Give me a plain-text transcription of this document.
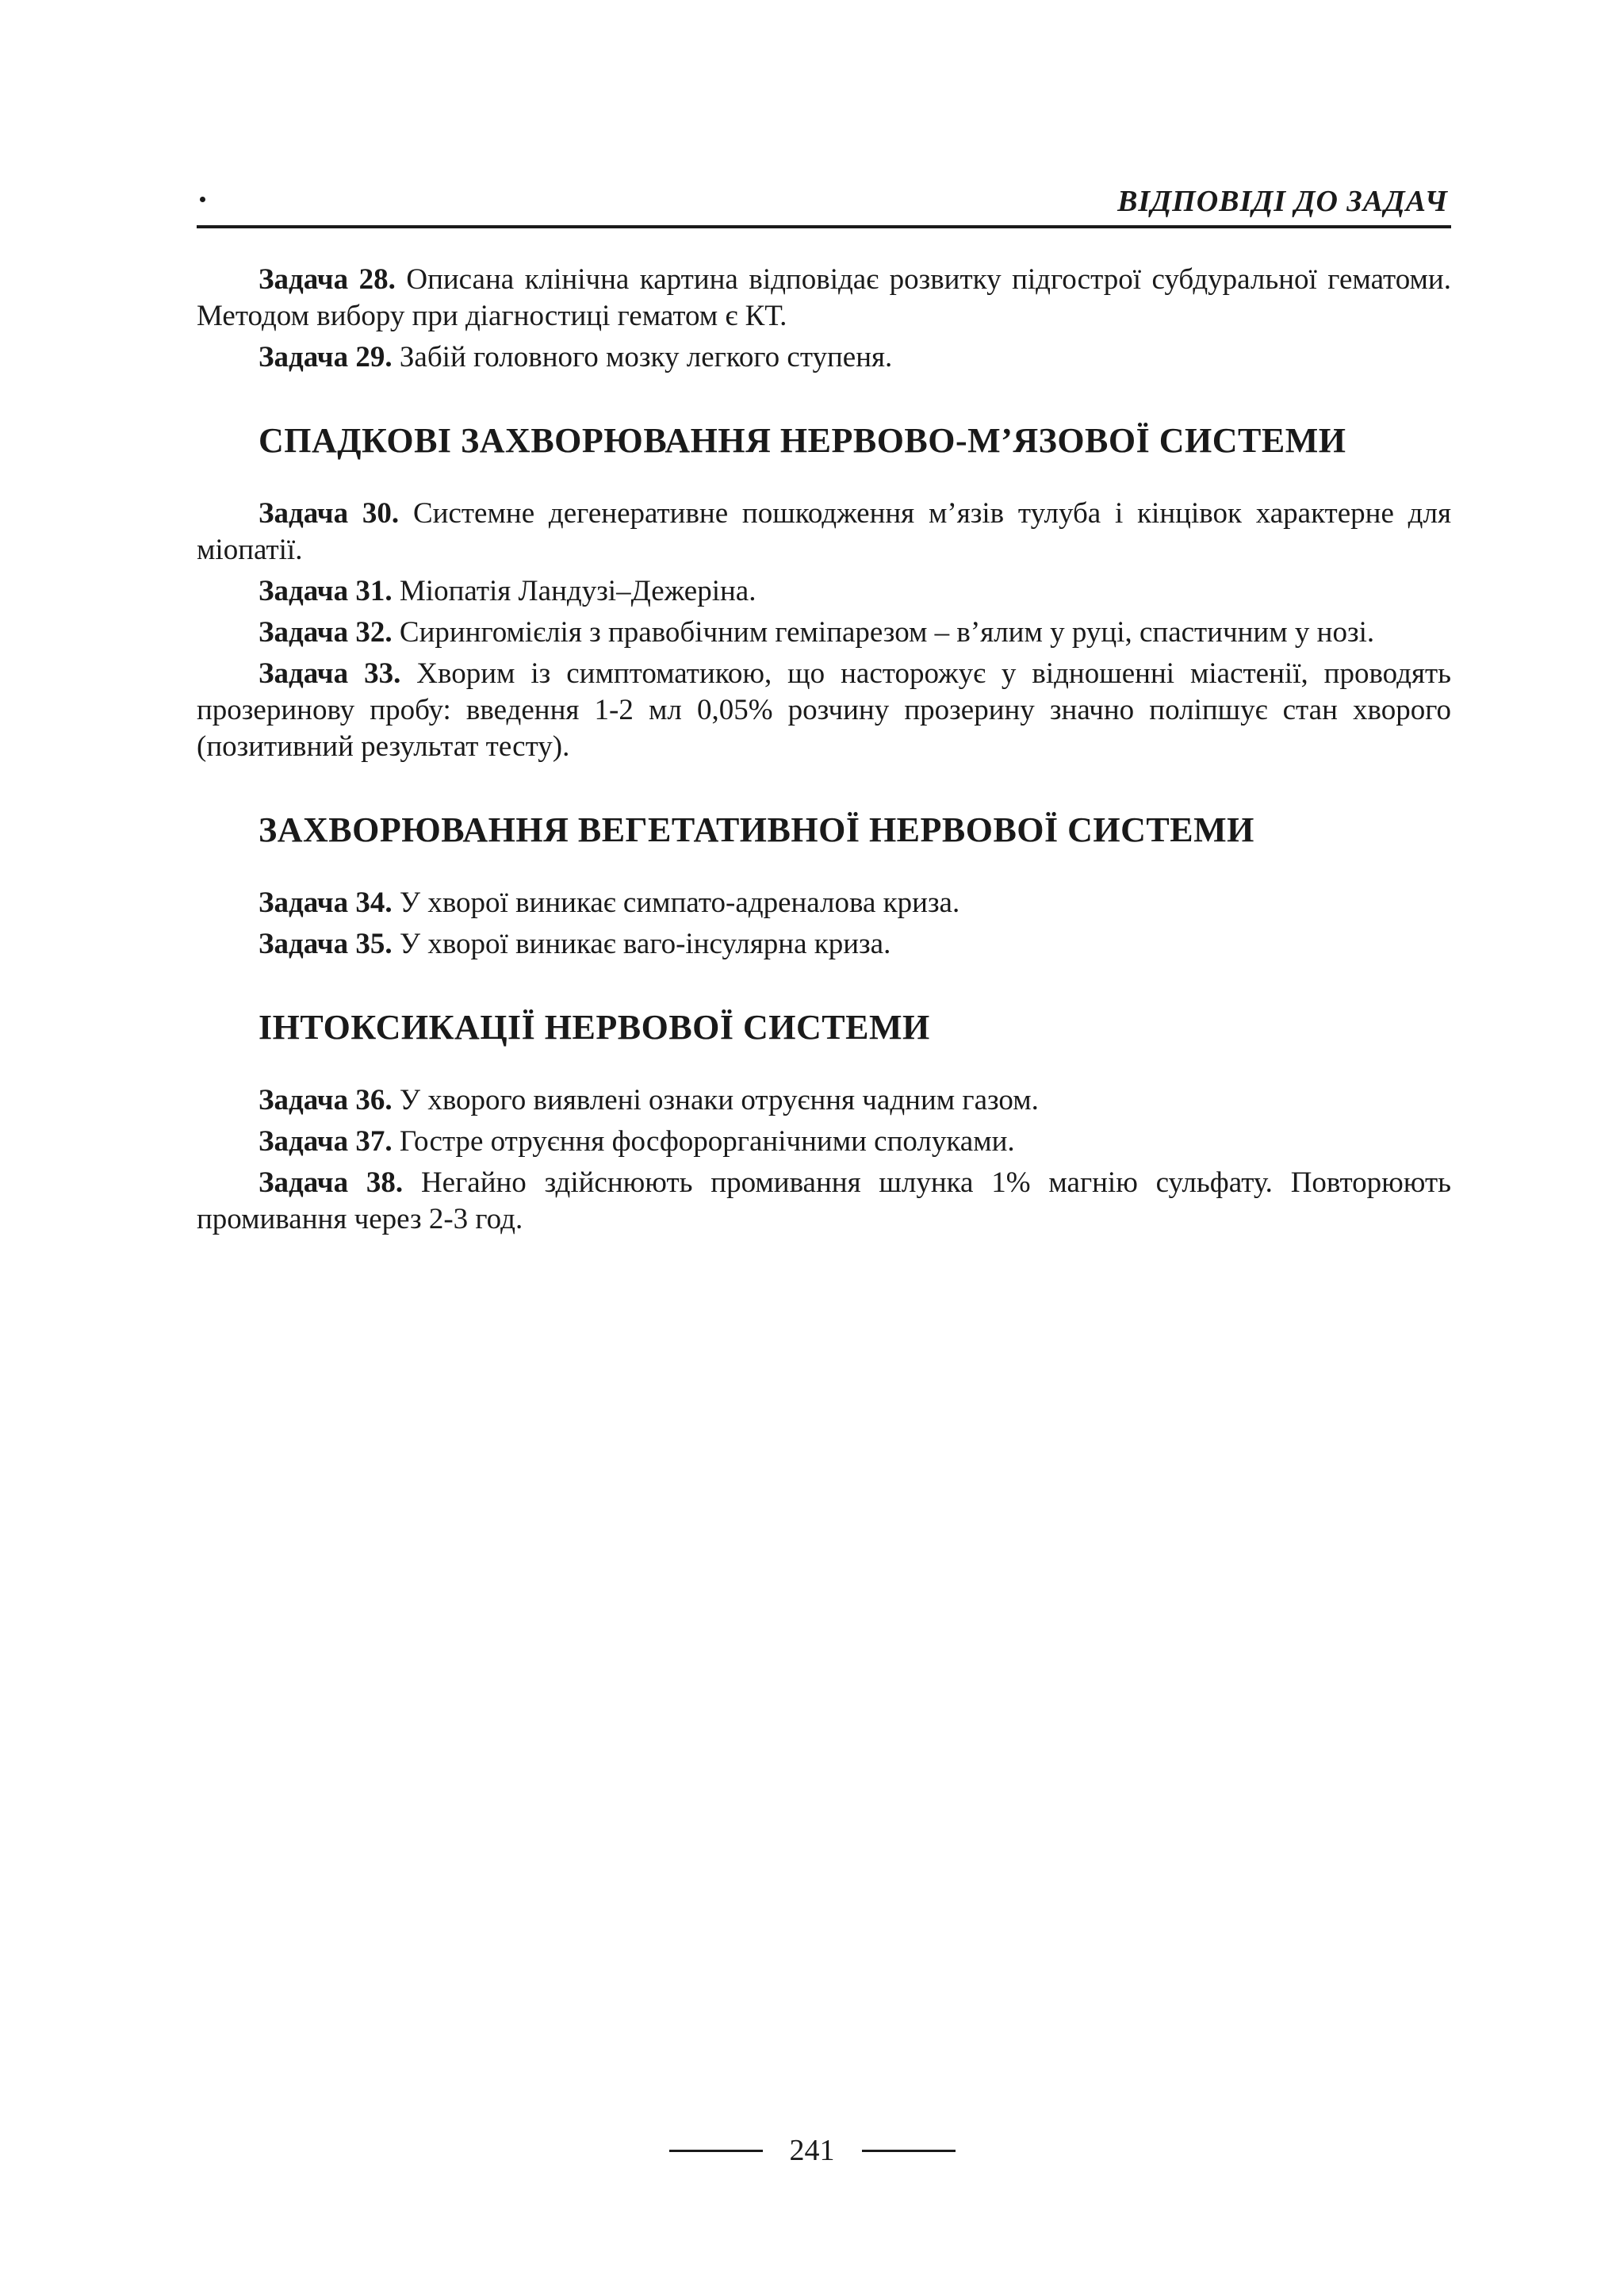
ВІДПОВІДІ ДО ЗАДАЧ

Задача 28. Описана клінічна картина відповідає розвитку підгострої субдуральної гематоми. Методом вибору при діагностиці гематом є КТ.

Задача 29. Забій головного мозку легкого ступеня.

СПАДКОВІ ЗАХВОРЮВАННЯ НЕРВОВО-М’ЯЗОВОЇ СИСТЕМИ

Задача 30. Системне дегенеративне пошкодження м’язів тулуба і кінцівок характерне для міопатії.

Задача 31. Міопатія Ландузі–Дежеріна.

Задача 32. Сирингомієлія з правобічним геміпарезом – в’ялим у руці, спастичним у нозі.

Задача 33. Хворим із симптоматикою, що насторожує у відношенні міастенії, проводять прозеринову пробу: введення 1-2 мл 0,05% розчину прозерину значно поліпшує стан хворого (позитивний результат тесту).

ЗАХВОРЮВАННЯ ВЕГЕТАТИВНОЇ НЕРВОВОЇ СИСТЕМИ

Задача 34. У хворої виникає симпато-адреналова криза.

Задача 35. У хворої виникає ваго-інсулярна криза.

ІНТОКСИКАЦІЇ НЕРВОВОЇ СИСТЕМИ

Задача 36. У хворого виявлені ознаки отруєння чадним газом.

Задача 37. Гостре отруєння фосфорорганічними сполуками.

Задача 38. Негайно здійснюють промивання шлунка 1% магнію сульфату. Повторюють промивання через 2-3 год.

241
